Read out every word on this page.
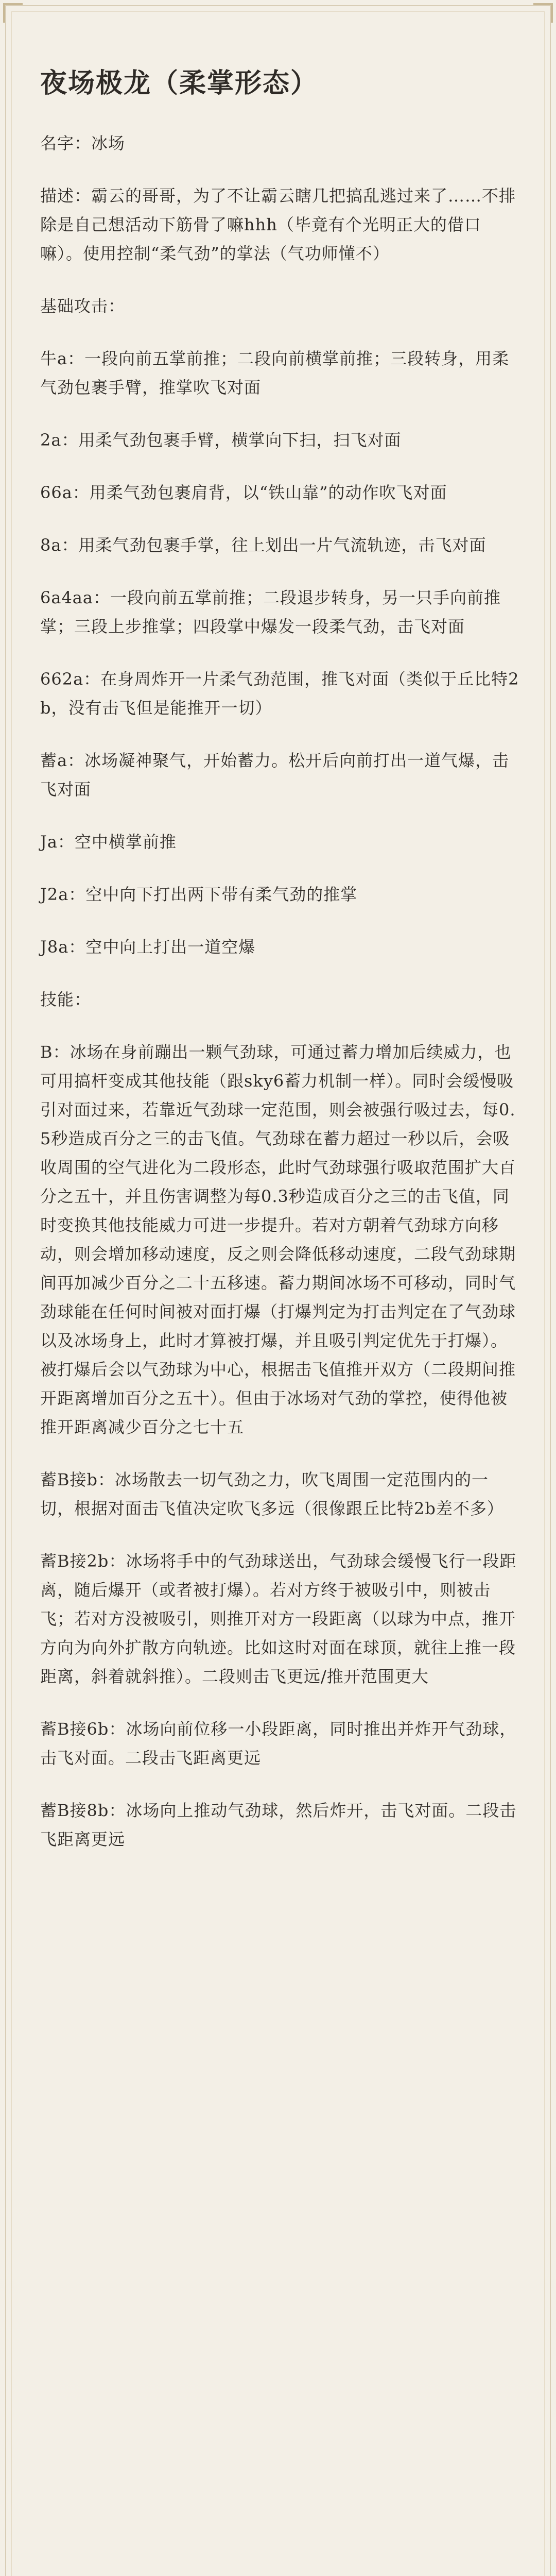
夜场极龙（柔掌形态）
名字：冰场
描述：霸云的哥哥，为了不让霸云瞎几把搞乱逃过来了……不排除是自己想活动下筋骨了嘛hhh（毕竟有个光明正大的借口嘛）。使用控制“柔气劲”的掌法（气功师懂不）
基础攻击：
牛a：一段向前五掌前推；二段向前横掌前推；三段转身，用柔气劲包裹手臂，推掌吹飞对面
2a：用柔气劲包裹手臂，横掌向下扫，扫飞对面
66a：用柔气劲包裹肩背，以“铁山靠”的动作吹飞对面
8a：用柔气劲包裹手掌，往上划出一片气流轨迹，击飞对面
6a4aa：一段向前五掌前推；二段退步转身，另一只手向前推掌；三段上步推掌；四段掌中爆发一段柔气劲，击飞对面
662a：在身周炸开一片柔气劲范围，推飞对面（类似于丘比特2b，没有击飞但是能推开一切）
蓄a：冰场凝神聚气，开始蓄力。松开后向前打出一道气爆，击飞对面
Ja：空中横掌前推
J2a：空中向下打出两下带有柔气劲的推掌
J8a：空中向上打出一道空爆
技能：
B：冰场在身前蹦出一颗气劲球，可通过蓄力增加后续威力，也可用搞杆变成其他技能（跟sky6蓄力机制一样）。同时会缓慢吸引对面过来，若靠近气劲球一定范围，则会被强行吸过去，每0.5秒造成百分之三的击飞值。气劲球在蓄力超过一秒以后，会吸收周围的空气进化为二段形态，此时气劲球强行吸取范围扩大百分之五十，并且伤害调整为每0.3秒造成百分之三的击飞值，同时变换其他技能威力可进一步提升。若对方朝着气劲球方向移动，则会增加移动速度，反之则会降低移动速度，二段气劲球期间再加减少百分之二十五移速。蓄力期间冰场不可移动，同时气劲球能在任何时间被对面打爆（打爆判定为打击判定在了气劲球以及冰场身上，此时才算被打爆，并且吸引判定优先于打爆）。被打爆后会以气劲球为中心，根据击飞值推开双方（二段期间推开距离增加百分之五十）。但由于冰场对气劲的掌控，使得他被推开距离减少百分之七十五
蓄B接b：冰场散去一切气劲之力，吹飞周围一定范围内的一切，根据对面击飞值决定吹飞多远（很像跟丘比特2b差不多）
蓄B接2b：冰场将手中的气劲球送出，气劲球会缓慢飞行一段距离，随后爆开（或者被打爆）。若对方终于被吸引中，则被击飞；若对方没被吸引，则推开对方一段距离（以球为中点，推开方向为向外扩散方向轨迹。比如这时对面在球顶，就往上推一段距离，斜着就斜推）。二段则击飞更远/推开范围更大
蓄B接6b：冰场向前位移一小段距离，同时推出并炸开气劲球，击飞对面。二段击飞距离更远
蓄B接8b：冰场向上推动气劲球，然后炸开，击飞对面。二段击飞距离更远
